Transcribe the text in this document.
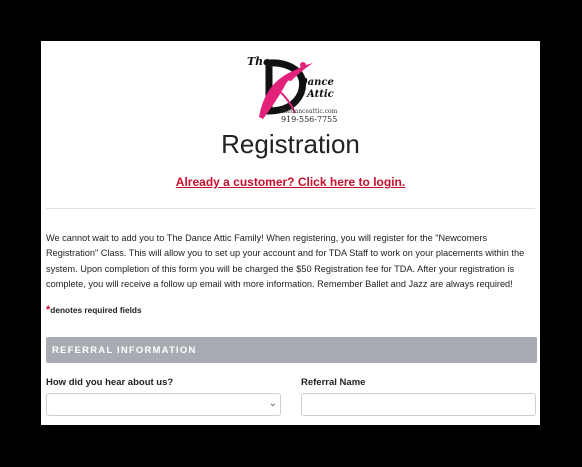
The
Dance
Attic
thedanceattic.com
919-556-7755
Registration
Already a customer? Click here to login.
We cannot wait to add you to The Dance Attic Family! When registering, you will register for the "Newcomers Registration" Class. This will allow you to set up your account and for TDA Staff to work on your placements within the system. Upon completion of this form you will be charged the $50 Registration fee for TDA. After your registration is complete, you will receive a follow up email with more information. Remember Ballet and Jazz are always required!
*denotes required fields
REFERRAL INFORMATION
How did you hear about us?	Referral Name
⌄
